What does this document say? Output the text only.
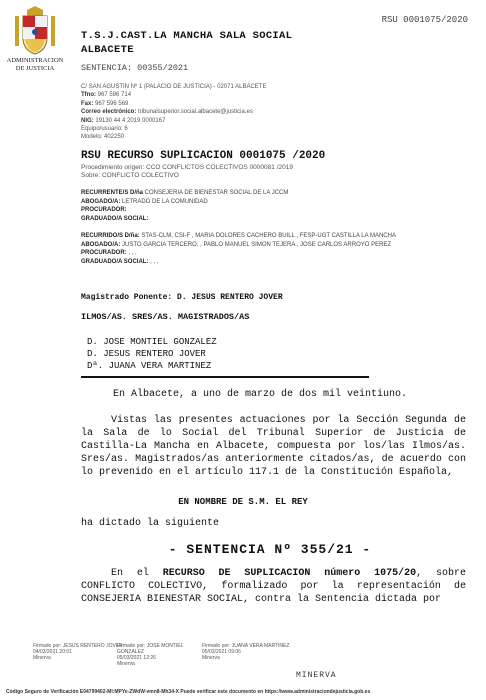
ADMINISTRACION
DE JUSTICIA
RSU 0001075/2020
T.S.J.CAST.LA MANCHA SALA SOCIAL
ALBACETE
SENTENCIA: 00355/2021
C/ SAN AGUSTIN Nº 1 (PALACIO DE JUSTICIA) - 02071 ALBACETE
Tfno: 967 596 714
Fax: 967 596 569
Correo electrónico: tribunalsuperior.social.albacete@justicia.es
NIG: 19130 44 4 2019 0000167
Equipo/usuario: 6
Modelo: 402250
RSU RECURSO SUPLICACION 0001075 /2020
Procedimiento origen: CCO CONFLICTOS COLECTIVOS 0000081 /2019
Sobre: CONFLICTO COLECTIVO
RECURRENTE/S D/ña CONSEJERIA DE BIENESTAR SOCIAL DE LA JCCM
ABOGADO/A: LETRADO DE LA COMUNIDAD
PROCURADOR:
GRADUADO/A SOCIAL:
RECURRIDO/S D/ña: STAS-CLM, CSI-F , MARIA DOLORES CACHERO BUILL , FESP-UGT CASTILLA LA MANCHA
ABOGADO/A: JUSTO GARCIA TERCERO, , PABLO MANUEL SIMON TEJERA , JOSE CARLOS ARROYO PEREZ
PROCURADOR: , , ,
GRADUADO/A SOCIAL: , , ,
Magistrado Ponente: D. JESUS RENTERO JOVER
ILMOS/AS. SRES/AS. MAGISTRADOS/AS
D. JOSE MONTIEL GONZALEZ
D. JESUS RENTERO JOVER
Dª. JUANA VERA MARTINEZ
En Albacete, a uno de marzo de dos mil veintiuno.
Vistas las presentes actuaciones por la Sección Segunda de la Sala de lo Social del Tribunal Superior de Justicia de Castilla-La Mancha en Albacete, compuesta por los/las Ilmos/as. Sres/as. Magistrados/as anteriormente citados/as, de acuerdo con lo prevenido en el artículo 117.1 de la Constitución Española,
EN NOMBRE DE S.M. EL REY
ha dictado la siguiente
- SENTENCIA Nº 355/21 -
En el RECURSO DE SUPLICACION número 1075/20, sobre CONFLICTO COLECTIVO, formalizado por la representación de CONSEJERIA BIENESTAR SOCIAL, contra la Sentencia dictada por
Firmado por: JESUS RENTERO JOVER
04/03/2021 20:01
Minerva
Firmado por: JOSE MONTIEL
GONZALEZ
05/03/2021 12:26
Minerva
Firmado por: JUANA VERA MARTINEZ
05/03/2021 09:06
Minerva
MINERVA
Código Seguro de Verificación E04799402-MI:MPYe-ZWdW-vmn8-Mh34-X Puede verificar este documento en https://www.administraciondejusticia.gob.es
